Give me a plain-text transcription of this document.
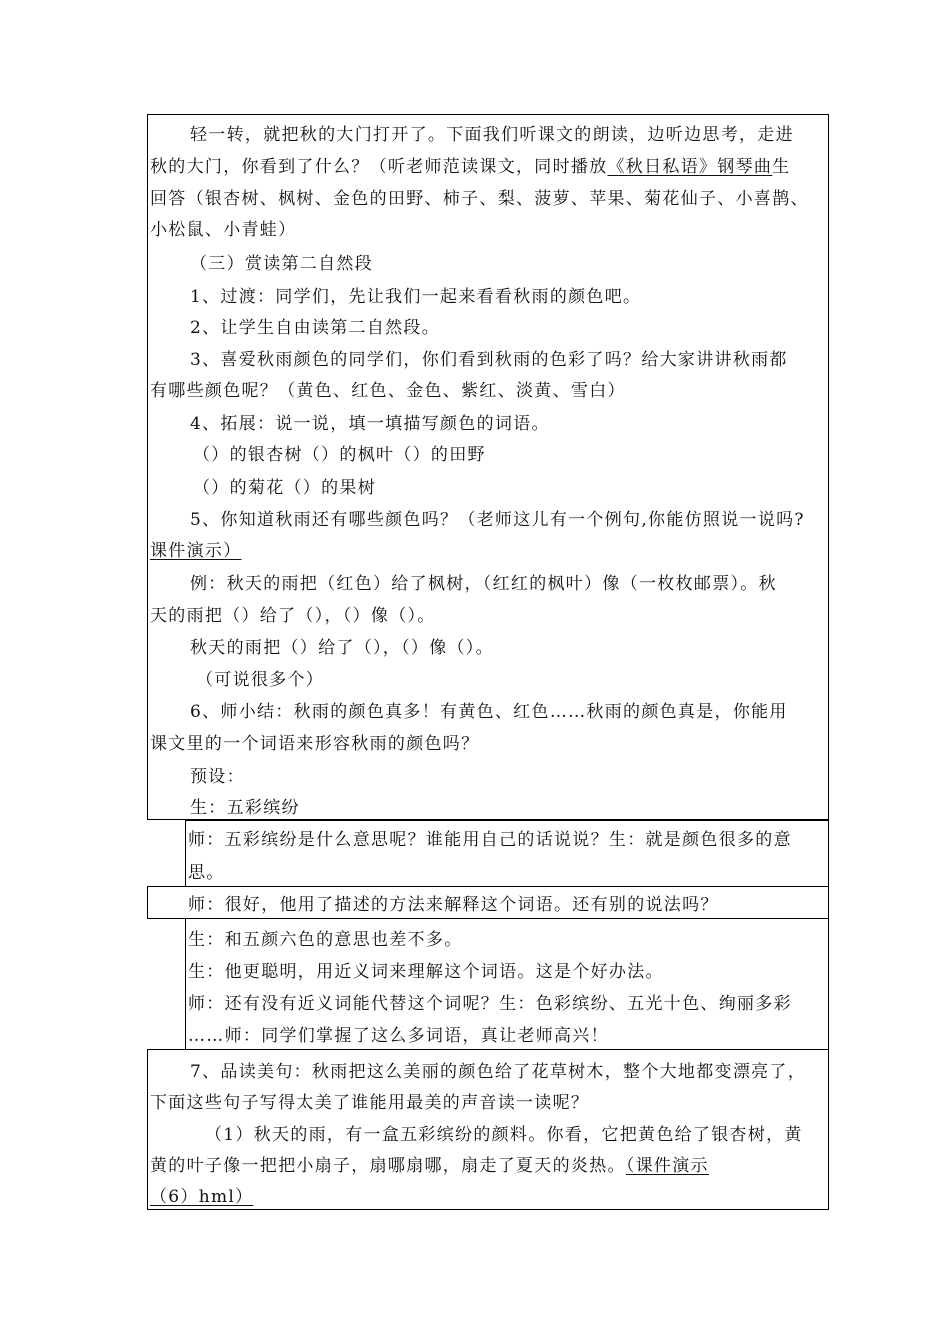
轻一转，就把秋的大门打开了。下面我们听课文的朗读，边听边思考，走进
秋的大门，你看到了什么？（听老师范读课文，同时播放《秋日私语》钢琴曲生
回答（银杏树、枫树、金色的田野、柿子、梨、菠萝、苹果、菊花仙子、小喜鹊、
小松鼠、小青蛙）
（三）赏读第二自然段
1、过渡：同学们，先让我们一起来看看秋雨的颜色吧。
2、让学生自由读第二自然段。
3、喜爱秋雨颜色的同学们，你们看到秋雨的色彩了吗？给大家讲讲秋雨都
有哪些颜色呢？（黄色、红色、金色、紫红、淡黄、雪白）
4、拓展：说一说，填一填描写颜色的词语。
（）的银杏树（）的枫叶（）的田野
（）的菊花（）的果树
5、你知道秋雨还有哪些颜色吗？（老师这儿有一个例句,你能仿照说一说吗?
课件演示）
例：秋天的雨把（红色）给了枫树，（红红的枫叶）像（一枚枚邮票）。秋
天的雨把（）给了（），（）像（）。
秋天的雨把（）给了（），（）像（）。
（可说很多个）
6、师小结：秋雨的颜色真多！有黄色、红色……秋雨的颜色真是，你能用
课文里的一个词语来形容秋雨的颜色吗？
预设：
生：五彩缤纷
师：五彩缤纷是什么意思呢？谁能用自己的话说说？生：就是颜色很多的意
思。
师：很好，他用了描述的方法来解释这个词语。还有别的说法吗？
生：和五颜六色的意思也差不多。
生：他更聪明，用近义词来理解这个词语。这是个好办法。
师：还有没有近义词能代替这个词呢？生：色彩缤纷、五光十色、绚丽多彩
……师：同学们掌握了这么多词语，真让老师高兴！
7、品读美句：秋雨把这么美丽的颜色给了花草树木，整个大地都变漂亮了，
下面这些句子写得太美了谁能用最美的声音读一读呢？
（1）秋天的雨，有一盒五彩缤纷的颜料。你看，它把黄色给了银杏树，黄
黄的叶子像一把把小扇子，扇哪扇哪，扇走了夏天的炎热。（课件演示
（6）hml）
